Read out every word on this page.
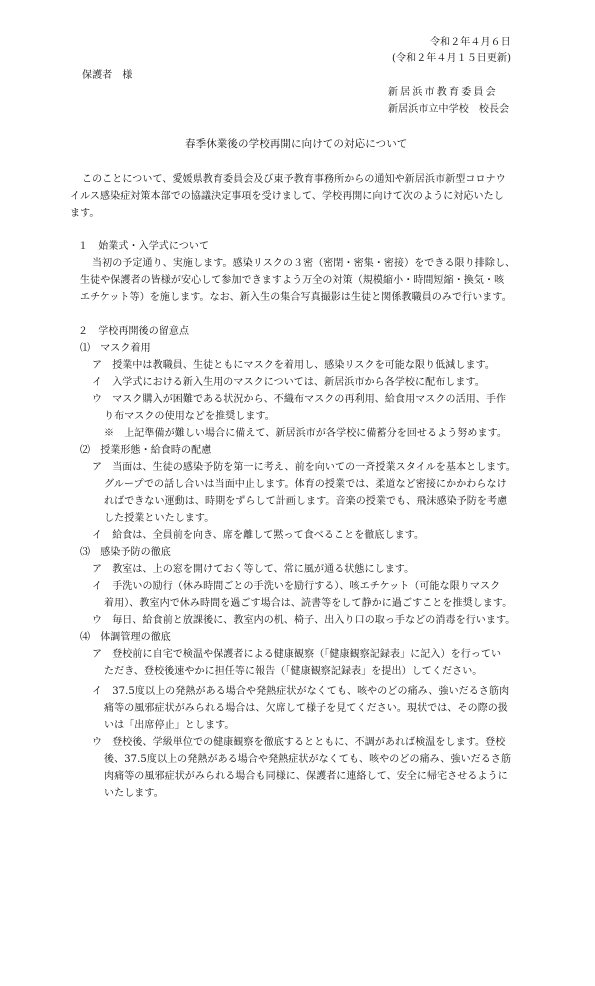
令和２年４月６日
(令和２年４月１５日更新)
保護者　様
新居浜市教育委員会
新居浜市立中学校　校長会
春季休業後の学校再開に向けての対応について
このことについて、愛媛県教育委員会及び東予教育事務所からの通知や新居浜市新型コロナウ
イルス感染症対策本部での協議決定事項を受けまして、学校再開に向けて次のように対応いたし
ます。
１　始業式・入学式について
当初の予定通り、実施します。感染リスクの３密（密閉・密集・密接）をできる限り排除し、
生徒や保護者の皆様が安心して参加できますよう万全の対策（規模縮小・時間短縮・換気・咳
エチケット等）を施します。なお、新入生の集合写真撮影は生徒と関係教職員のみで行います。
２　学校再開後の留意点
⑴　マスク着用
ア　授業中は教職員、生徒ともにマスクを着用し、感染リスクを可能な限り低減します。
イ　入学式における新入生用のマスクについては、新居浜市から各学校に配布します。
ウ　マスク購入が困難である状況から、不織布マスクの再利用、給食用マスクの活用、手作
り布マスクの使用などを推奨します。
※　上記準備が難しい場合に備えて、新居浜市が各学校に備蓄分を回せるよう努めます。
⑵　授業形態・給食時の配慮
ア　当面は、生徒の感染予防を第一に考え、前を向いての一斉授業スタイルを基本とします。
グループでの話し合いは当面中止します。体育の授業では、柔道など密接にかかわらなけ
ればできない運動は、時期をずらして計画します。音楽の授業でも、飛沫感染予防を考慮
した授業といたします。
イ　給食は、全員前を向き、席を離して黙って食べることを徹底します。
⑶　感染予防の徹底
ア　教室は、上の窓を開けておく等して、常に風が通る状態にします。
イ　手洗いの励行（休み時間ごとの手洗いを励行する）、咳エチケット（可能な限りマスク
着用）、教室内で休み時間を過ごす場合は、読書等をして静かに過ごすことを推奨します。
ウ　毎日、給食前と放課後に、教室内の机、椅子、出入り口の取っ手などの消毒を行います。
⑷　体調管理の徹底
ア　登校前に自宅で検温や保護者による健康観察（「健康観察記録表」に記入）を行ってい
ただき、登校後速やかに担任等に報告（「健康観察記録表」を提出）してください。
イ　37.5度以上の発熱がある場合や発熱症状がなくても、咳やのどの痛み、強いだるさ筋肉
痛等の風邪症状がみられる場合は、欠席して様子を見てください。現状では、その際の扱
いは「出席停止」とします。
ウ　登校後、学級単位での健康観察を徹底するとともに、不調があれば検温をします。登校
後、37.5度以上の発熱がある場合や発熱症状がなくても、咳やのどの痛み、強いだるさ筋
肉痛等の風邪症状がみられる場合も同様に、保護者に連絡して、安全に帰宅させるように
いたします。
